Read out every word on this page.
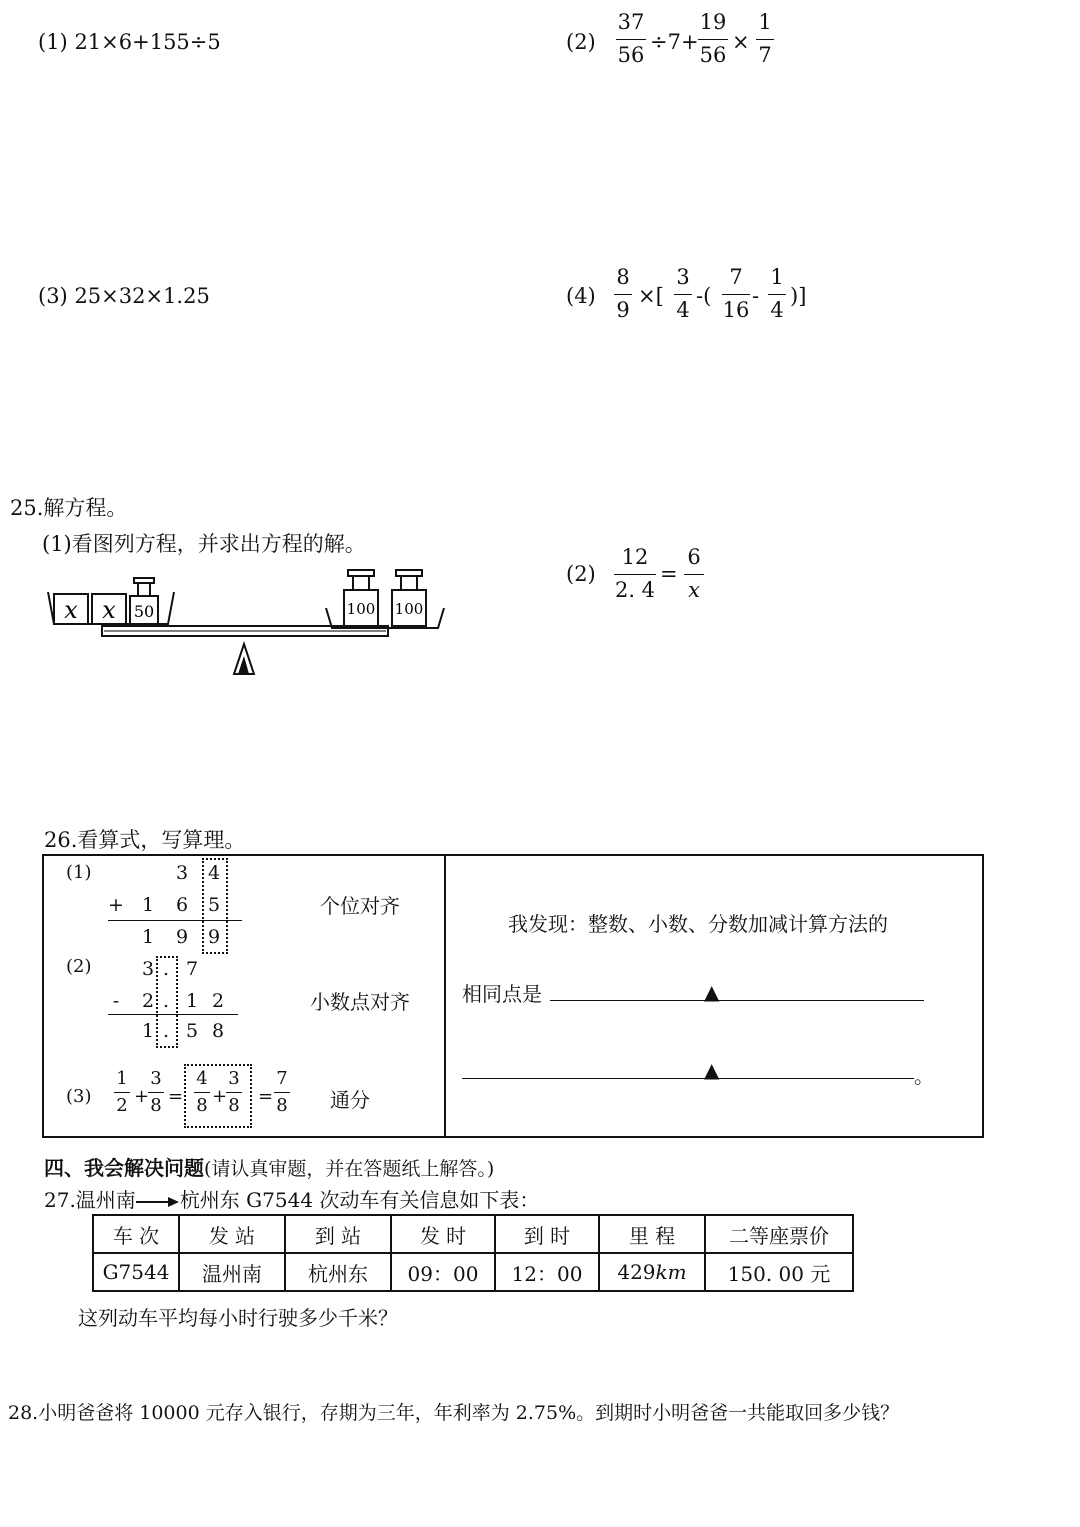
(1) 21×6+155÷5	(2)
37
56
÷7+
19
56
×
1
7
(3) 25×32×1.25	(4)
8
9
×[
3
4
-(
7
16
-
1
4
)]
25.解方程。
(1)看图列方程，并求出方程的解。
x x 50	100 100
(2)
12
2. 4
=
6
x
26.看算式，写算理。
(1)	3 4
+ 1 6 5
1 9 9
个位对齐
(2)	3 . 7
-	2 . 1 2
1 . 5 8
小数点对齐
(3)
1
2 +
3
8 =
4
8 +
3
8 =
7
8 通分
我发现：整数、小数、分数加减计算方法的
相同点是	▲
▲	。
四、我会解决问题(请认真审题，并在答题纸上解答。)
27.温州南 杭州东 G7544 次动车有关信息如下表：
车 次	发 站	到 站	发 时	到 时	里 程	二等座票价
G7544	温州南	杭州东	09：00	12：00	429km	150. 00 元
这列动车平均每小时行驶多少千米？
28.小明爸爸将 10000 元存入银行，存期为三年，年利率为 2.75%。到期时小明爸爸一共能取回多少钱？
